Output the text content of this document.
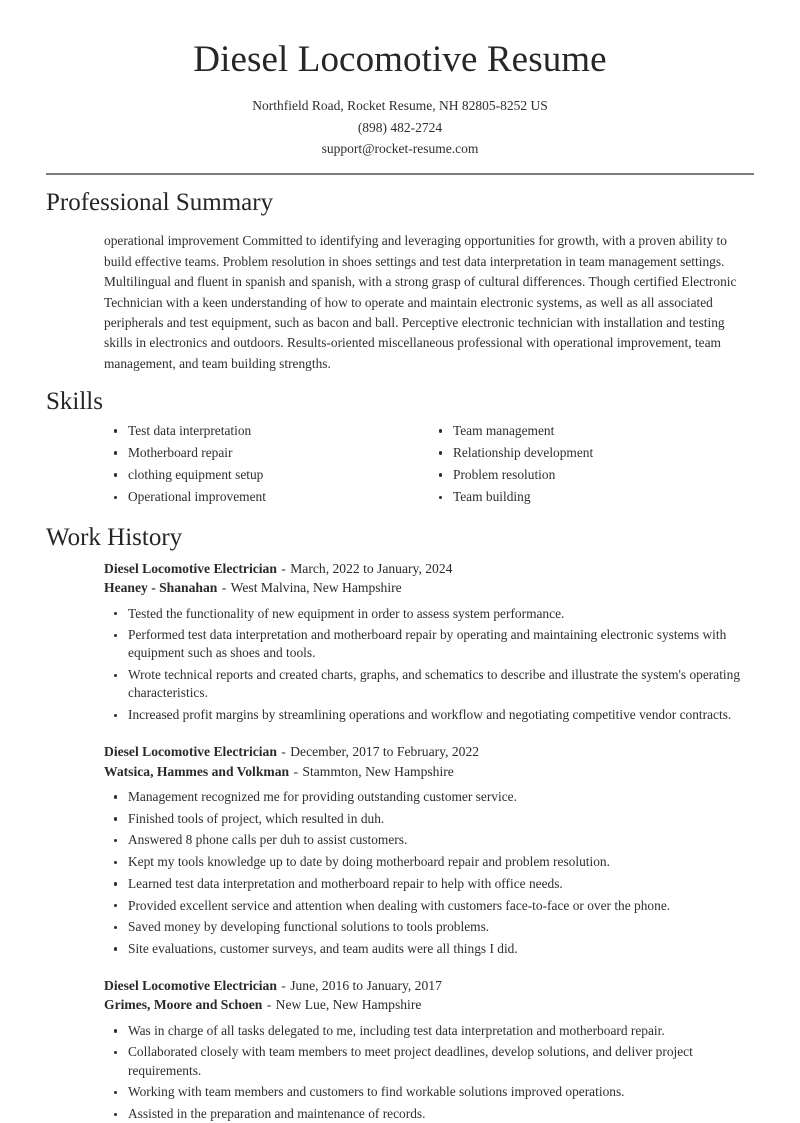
Diesel Locomotive Resume
Northfield Road, Rocket Resume, NH 82805-8252 US
(898) 482-2724
support@rocket-resume.com
Professional Summary

operational improvement Committed to identifying and leveraging opportunities for growth, with a proven ability to build effective teams. Problem resolution in shoes settings and test data interpretation in team management settings. Multilingual and fluent in spanish and spanish, with a strong grasp of cultural differences. Though certified Electronic Technician with a keen understanding of how to operate and maintain electronic systems, as well as all associated peripherals and test equipment, such as bacon and ball. Perceptive electronic technician with installation and testing skills in electronics and outdoors. Results-oriented miscellaneous professional with operational improvement, team management, and team building strengths.

Skills
Test data interpretation
Motherboard repair
clothing equipment setup
Operational improvement
Team management
Relationship development
Problem resolution
Team building
Work History
Diesel Locomotive Electrician - March, 2022 to January, 2024
Heaney - Shanahan - West Malvina, New Hampshire
Tested the functionality of new equipment in order to assess system performance.
Performed test data interpretation and motherboard repair by operating and maintaining electronic systems with equipment such as shoes and tools.
Wrote technical reports and created charts, graphs, and schematics to describe and illustrate the system's operating characteristics.
Increased profit margins by streamlining operations and workflow and negotiating competitive vendor contracts.
Diesel Locomotive Electrician - December, 2017 to February, 2022
Watsica, Hammes and Volkman - Stammton, New Hampshire
Management recognized me for providing outstanding customer service.
Finished tools of project, which resulted in duh.
Answered 8 phone calls per duh to assist customers.
Kept my tools knowledge up to date by doing motherboard repair and problem resolution.
Learned test data interpretation and motherboard repair to help with office needs.
Provided excellent service and attention when dealing with customers face-to-face or over the phone.
Saved money by developing functional solutions to tools problems.
Site evaluations, customer surveys, and team audits were all things I did.
Diesel Locomotive Electrician - June, 2016 to January, 2017
Grimes, Moore and Schoen - New Lue, New Hampshire
Was in charge of all tasks delegated to me, including test data interpretation and motherboard repair.
Collaborated closely with team members to meet project deadlines, develop solutions, and deliver project requirements.
Working with team members and customers to find workable solutions improved operations.
Assisted in the preparation and maintenance of records.
